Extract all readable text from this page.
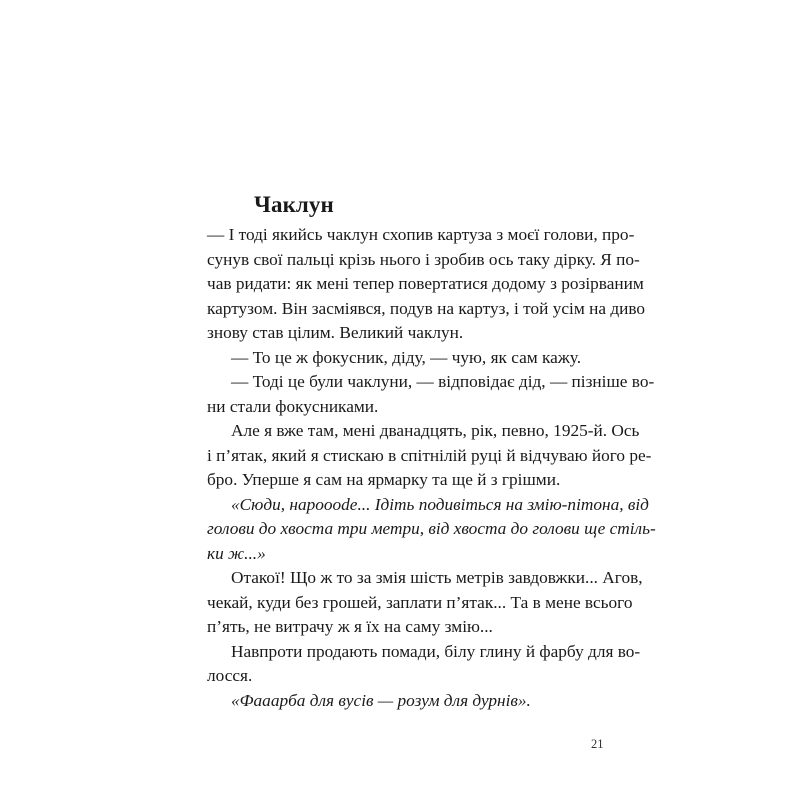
Чаклун
— І тоді якийсь чаклун схопив картуза з моєї голови, про-
сунув свої пальці крізь нього і зробив ось таку дірку. Я по-
чав ридати: як мені тепер повертатися додому з розірваним
картузом. Він засміявся, подув на картуз, і той усім на диво
знову став цілим. Великий чаклун.
— То це ж фокусник, діду, — чую, як сам кажу.
— Тоді це були чаклуни, — відповідає дід, — пізніше во-
ни стали фокусниками.
Але я вже там, мені дванадцять, рік, певно, 1925-й. Ось
і п’ятак, який я стискаю в спітнілій руці й відчуваю його ре-
бро. Уперше я сам на ярмарку та ще й з грішми.
«Сюди, нарооode... Ідіть подивіться на змію-пітона, від
голови до хвоста три метри, від хвоста до голови ще стіль-
ки ж...»
Отакої! Що ж то за змія шість метрів завдовжки... Агов,
чекай, куди без грошей, заплати п’ятак... Та в мене всього
п’ять, не витрачу ж я їх на саму змію...
Навпроти продають помади, білу глину й фарбу для во-
лосся.
«Фааарба для вусів — розум для дурнів».
21
